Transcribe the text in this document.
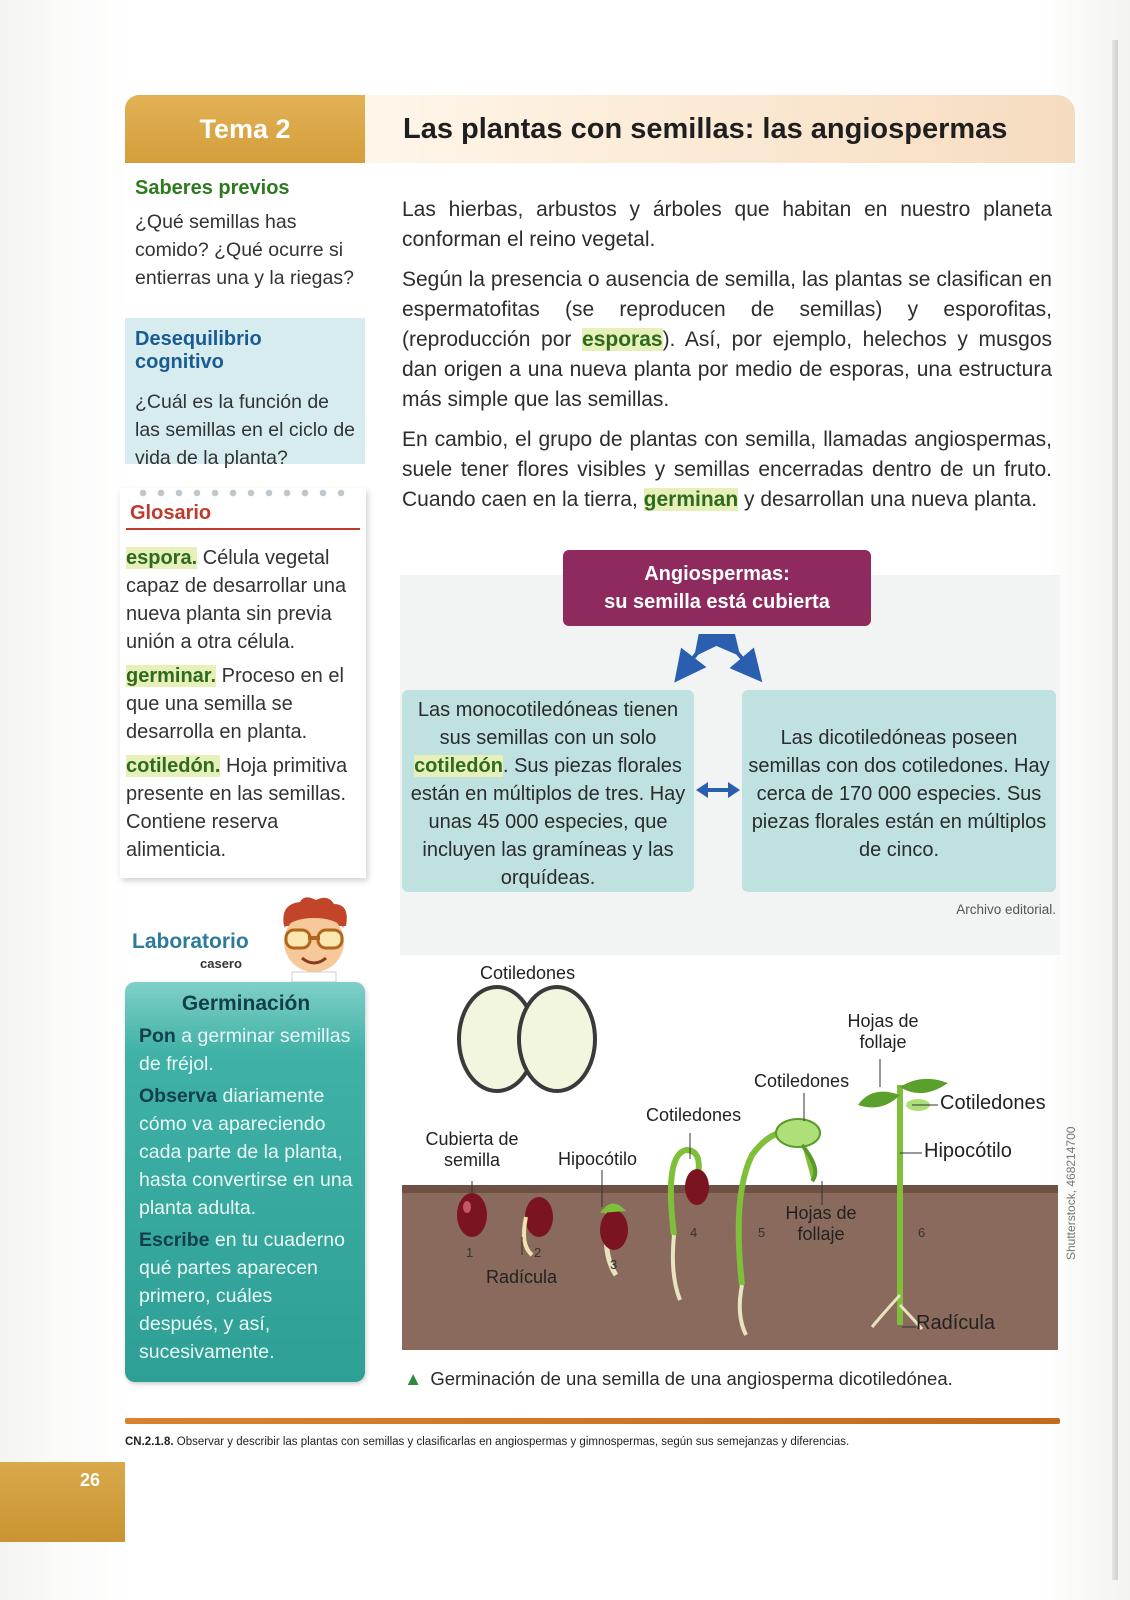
Tema 2	Las plantas con semillas: las angiospermas
Saberes previos

¿Qué semillas has comido? ¿Qué ocurre si entierras una y la riegas?

Desequilibrio cognitivo

¿Cuál es la función de las semillas en el ciclo de vida de la planta?

Glosario

espora. Célula vegetal capaz de desarrollar una nueva planta sin previa unión a otra célula.

germinar. Proceso en el que una semilla se desarrolla en planta.

cotiledón. Hoja primitiva presente en las semillas. Contiene reserva alimenticia.

Laboratorio
casero
Germinación

Pon a germinar semillas de fréjol.

Observa diariamente cómo va apareciendo cada parte de la planta, hasta convertirse en una planta adulta.

Escribe en tu cuaderno qué partes aparecen primero, cuáles después, y así, sucesivamente.

Las hierbas, arbustos y árboles que habitan en nuestro planeta conforman el reino vegetal.

Según la presencia o ausencia de semilla, las plantas se clasifican en espermatofitas (se reproducen de semillas) y esporofitas, (reproducción por esporas). Así, por ejemplo, helechos y musgos dan origen a una nueva planta por medio de esporas, una estructura más simple que las semillas.

En cambio, el grupo de plantas con semilla, llamadas angiospermas, suele tener flores visibles y semillas encerradas dentro de un fruto. Cuando caen en la tierra, germinan y desarrollan una nueva planta.

Angiospermas:
su semilla está cubierta
Las monocotiledóneas tienen sus semillas con un solo cotiledón. Sus piezas florales están en múltiplos de tres. Hay unas 45 000 especies, que incluyen las gramíneas y las orquídeas.
Las dicotiledóneas poseen semillas con dos cotiledones. Hay cerca de 170 000 especies. Sus piezas florales están en múltiplos de cinco.
Archivo editorial.
Cotiledones
Cubierta de semilla	Hipocótilo
Cotiledones
Cotiledones
Hojas de follaje
Cotiledones
Hipocótilo
Hojas de follaje
Radícula
Radícula
1	2
3
4	5	6	Shutterstock, 468214700
▲ Germinación de una semilla de una angiosperma dicotiledónea.
CN.2.1.8. Observar y describir las plantas con semillas y clasificarlas en angiospermas y gimnospermas, según sus semejanzas y diferencias.
26
